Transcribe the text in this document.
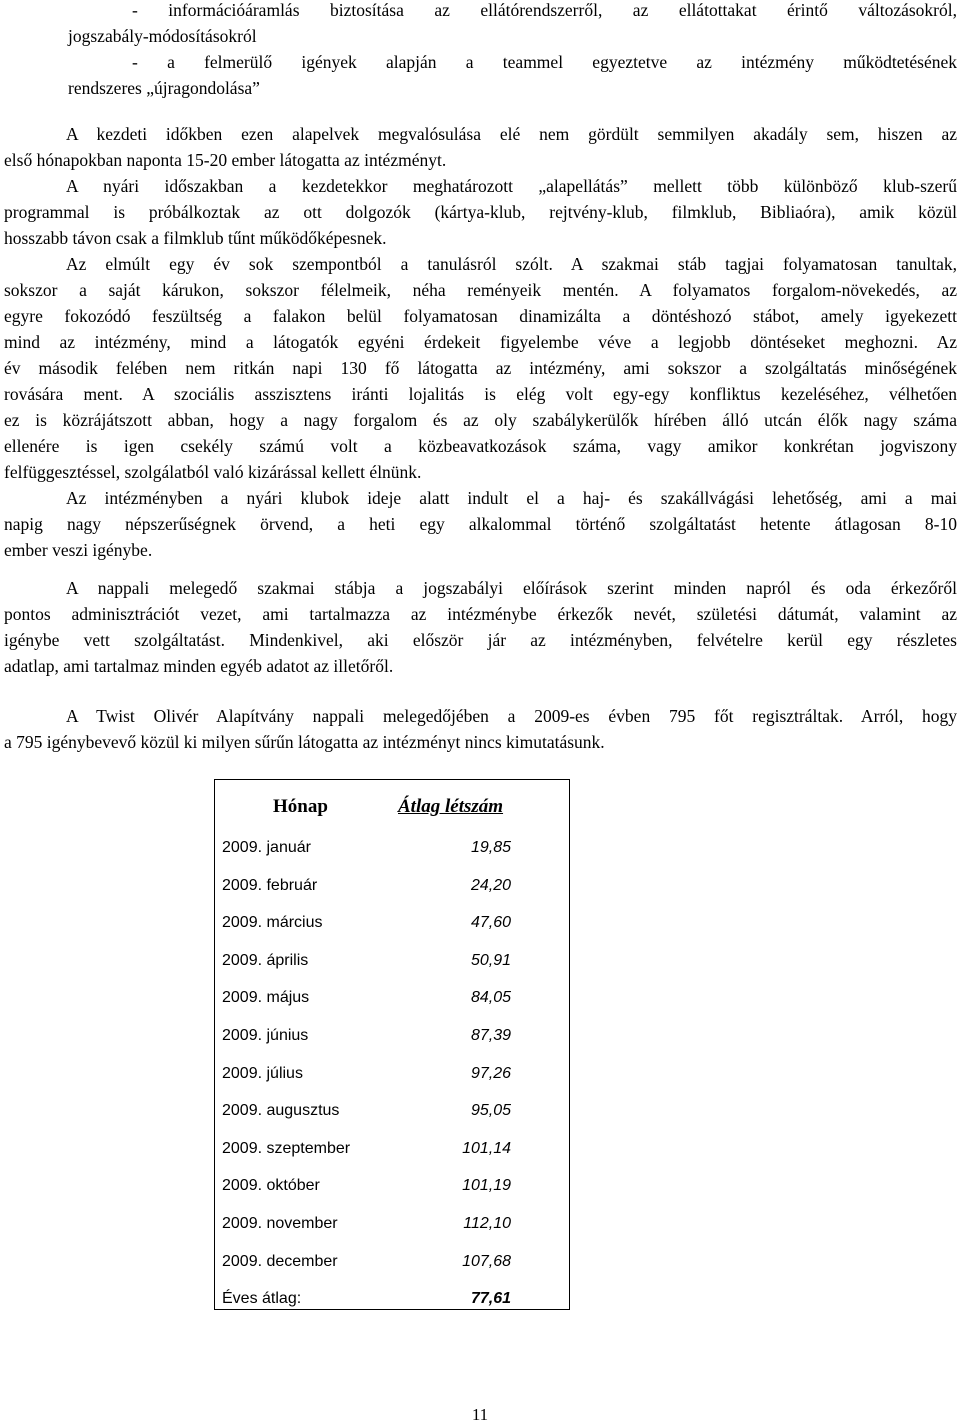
- információáramlás biztosítása az ellátórendszerről, az ellátottakat érintő változásokról,
jogszabály-módosításokról
- a felmerülő igények alapján a teammel egyeztetve az intézmény működtetésének
rendszeres „újragondolása”
A kezdeti időkben ezen alapelvek megvalósulása elé nem gördült semmilyen akadály sem, hiszen az
első hónapokban naponta 15-20 ember látogatta az intézményt.
A nyári időszakban a kezdetekkor meghatározott „alapellátás” mellett több különböző klub-szerű
programmal is próbálkoztak az ott dolgozók (kártya-klub, rejtvény-klub, filmklub, Bibliaóra), amik közül
hosszabb távon csak a filmklub tűnt működőképesnek.
Az elmúlt egy év sok szempontból a tanulásról szólt. A szakmai stáb tagjai folyamatosan tanultak,
sokszor a saját kárukon, sokszor félelmeik, néha reményeik mentén. A folyamatos forgalom-növekedés, az
egyre fokozódó feszültség a falakon belül folyamatosan dinamizálta a döntéshozó stábot, amely igyekezett
mind az intézmény, mind a látogatók egyéni érdekeit figyelembe véve a legjobb döntéseket meghozni. Az
év második felében nem ritkán napi 130 fő látogatta az intézmény, ami sokszor a szolgáltatás minőségének
rovására ment. A szociális asszisztens iránti lojalitás is elég volt egy-egy konfliktus kezeléséhez, vélhetően
ez is közrájátszott abban, hogy a nagy forgalom és az oly szabálykerülők hírében álló utcán élők nagy száma
ellenére is igen csekély számú volt a közbeavatkozások száma, vagy amikor konkrétan jogviszony
felfüggesztéssel, szolgálatból való kizárással kellett élnünk.
Az intézményben a nyári klubok ideje alatt indult el a haj- és szakállvágási lehetőség, ami a mai
napig nagy népszerűségnek örvend, a heti egy alkalommal történő szolgáltatást hetente átlagosan 8-10
ember veszi igénybe.
A nappali melegedő szakmai stábja a jogszabályi előírások szerint minden napról és oda érkezőről
pontos adminisztrációt vezet, ami tartalmazza az intézménybe érkezők nevét, születési dátumát, valamint az
igénybe vett szolgáltatást. Mindenkivel, aki először jár az intézményben, felvételre kerül egy részletes
adatlap, ami tartalmaz minden egyéb adatot az illetőről.
A Twist Olivér Alapítvány nappali melegedőjében a 2009-es évben 795 főt regisztráltak. Arról, hogy
a 795 igénybevevő közül ki milyen sűrűn látogatta az intézményt nincs kimutatásunk.
Hónap	Átlag létszám
2009. január	19,85
2009. február	24,20
2009. március	47,60
2009. április	50,91
2009. május	84,05
2009. június	87,39
2009. július	97,26
2009. augusztus	95,05
2009. szeptember	101,14
2009. október	101,19
2009. november	112,10
2009. december	107,68
Éves átlag:	77,61
11
